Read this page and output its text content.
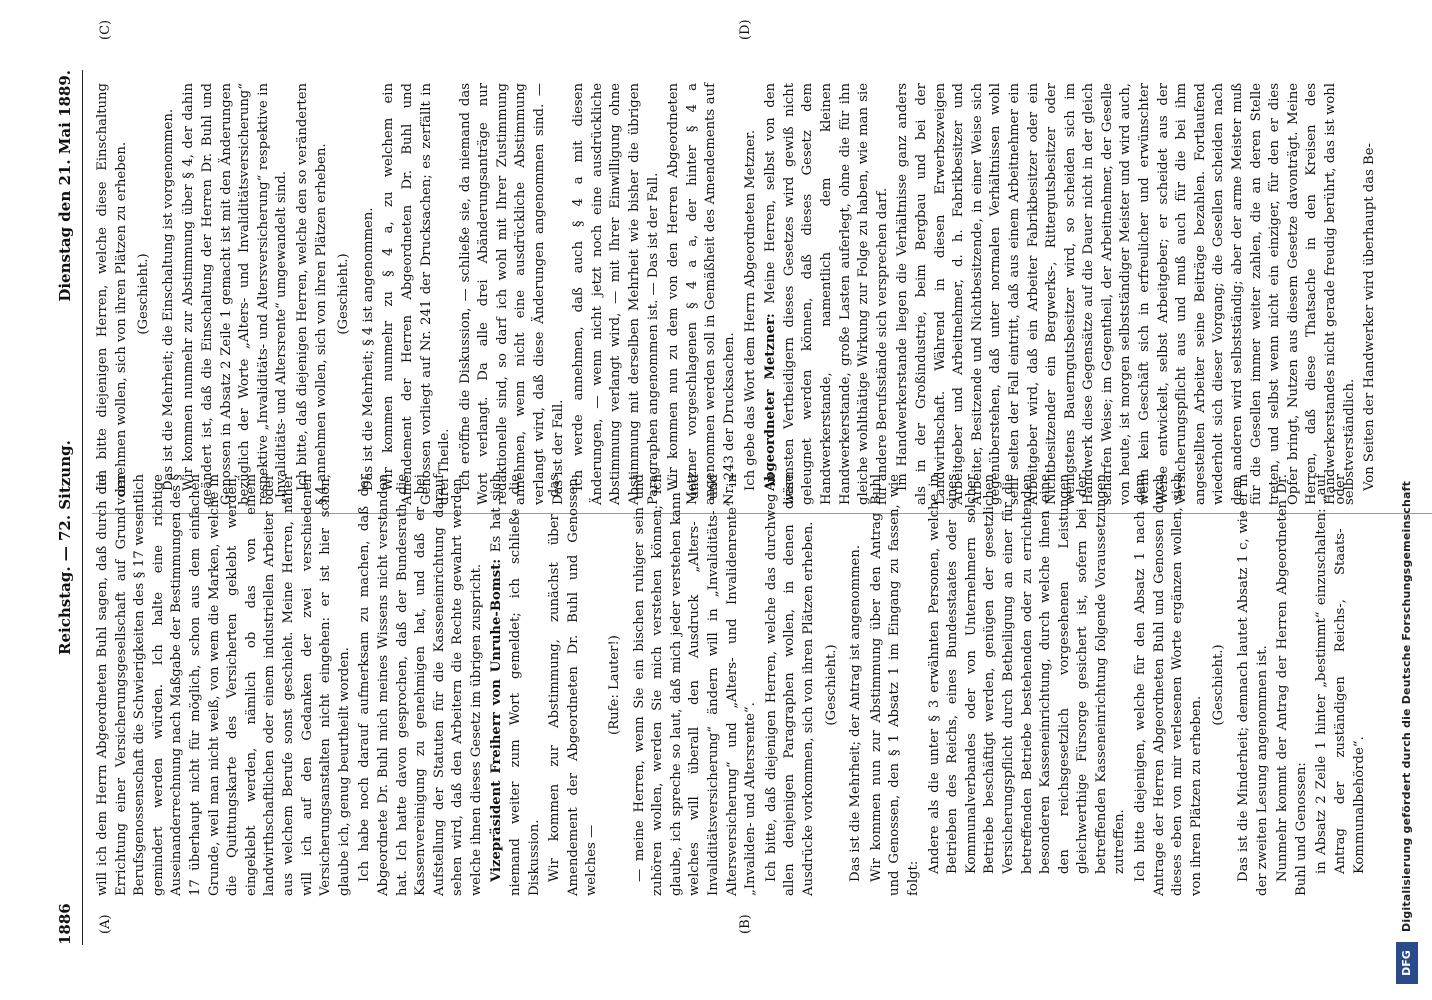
1886
Reichstag. — 72. Sitzung.
Dienstag den 21. Mai 1889.
(A)	(B)
(C)	(D)

will ich dem Herrn Abgeordneten Buhl sagen, daß durch die Errichtung einer Versicherungsgesellschaft auf Grund der Berufsgenossenschaft die Schwierigkeiten des § 17 wesentlich gemindert werden würden. Ich halte eine richtige Auseinanderrechnung nach Maßgabe der Bestimmungen des § 17 überhaupt nicht für möglich, schon aus dem einfachen Grunde, weil man nicht weiß, von wem die Marken, welche in die Quittungskarte des Versicherten geklebt werden, eingeklebt werden, nämlich ob das von einem landwirthschaftlichen oder einem industriellen Arbeiter oder aus welchem Berufe sonst geschieht. Meine Herren, näher will ich auf den Gedanken der zwei verschiedenen Versicherungsanstalten nicht eingehen: er ist hier schon, glaube ich, genug beurtheilt worden. Ich habe noch darauf aufmerksam zu machen, daß der Abgeordnete Dr. Buhl mich meines Wissens nicht verstanden hat. Ich hatte davon gesprochen, daß der Bundesrath die Kassenvereinigung zu genehmigen hat, und daß er bei Aufstellung der Statuten für die Kasseneinrichtung darauf sehen wird, daß den Arbeitern die Rechte gewahrt werden, welche ihnen dieses Gesetz im übrigen zuspricht. Vizepräsident Freiherr von Unruhe-Bomst: Es hat sich niemand weiter zum Wort gemeldet; ich schließe die Diskussion. Wir kommen zur Abstimmung, zunächst über das Amendement der Abgeordneten Dr. Buhl und Genossen, welches —

(Rufe: Lauter!) — meine Herren, wenn Sie ein bischen ruhiger sein und zuhören wollen, werden Sie mich verstehen können; ich glaube, ich spreche so laut, daß mich jeder verstehen kann — welches will überall den Ausdruck „Alters- und Invaliditätsversicherung“ ändern will in „Invaliditäts- und Altersversicherung“ und „Alters- und Invalidenrente“ in „Invaliden- und Altersrente“. Ich bitte, daß diejenigen Herren, welche das durchweg in allen denjenigen Paragraphen wollen, in denen diese Ausdrücke vorkommen, sich von ihren Plätzen erheben. (Geschieht.) Das ist die Mehrheit; der Antrag ist angenommen. Wir kommen nun zur Abstimmung über den Antrag Buhl und Genossen, den § 1 Absatz 1 im Eingang zu fassen, wie folgt:

Andere als die unter § 3 erwähnten Personen, welche in Betrieben des Reichs, eines Bundesstaates oder eines Kommunalverbandes oder von Unternehmern solcher Betriebe beschäftigt werden, genügen der gesetzlichen Versicherungspflicht durch Betheiligung an einer für die betreffenden Betriebe bestehenden oder zu errichtenden besonderen Kasseneinrichtung, durch welche ihnen eine den reichsgesetzlich vorgesehenen Leistungen gleichwerthige Fürsorge gesichert ist, sofern bei der betreffenden Kasseneinrichtung folgende Voraussetzungen zutreffen. Ich bitte diejenigen, welche für den Absatz 1 nach dem Antrage der Herren Abgeordneten Buhl und Genossen durch dieses eben von mir verlesenen Worte ergänzen wollen, sich von ihren Plätzen zu erheben.

(Geschieht.) Das ist die Minderheit; demnach lautet Absatz 1 c, wie er in der zweiten Lesung angenommen ist. Nunmehr kommt der Antrag der Herren Abgeordneten Dr. Buhl und Genossen: in Absatz 2 Zeile 1 hinter „bestimmt“ einzuschalten: „auf Antrag der zuständigen Reichs-, Staats- oder Kommunalbehörde“.

Ich bitte diejenigen Herren, welche diese Einschaltung vornehmen wollen, sich von ihren Plätzen zu erheben. (Geschieht.) Das ist die Mehrheit; die Einschaltung ist vorgenommen. Wir kommen nunmehr zur Abstimmung über § 4, der dahin geändert ist, daß die Einschaltung der Herren Dr. Buhl und Genossen in Absatz 2 Zeile 1 gemacht ist mit den Änderungen bezüglich der Worte „Alters- und Invaliditätsversicherung“ respektive „Invaliditäts- und Altersversicherung“ respektive in „Invaliditäts- und Altersrente“ umgewandelt sind. Ich bitte, daß diejenigen Herren, welche den so veränderten § 4 annehmen wollen, sich von ihren Plätzen erheben. (Geschieht.) Das ist die Mehrheit; § 4 ist angenommen. Wir kommen nunmehr zu § 4 a, zu welchem ein Amendement der Herren Abgeordneten Dr. Buhl und Genossen vorliegt auf Nr. 241 der Drucksachen; es zerfällt in drei Theile. Ich eröffne die Diskussion, — schließe sie, da niemand das Wort verlangt. Da alle drei Abänderungsanträge nur redaktionelle sind, so darf ich wohl mit Ihrer Zustimmung annehmen, wenn nicht eine ausdrückliche Abstimmung verlangt wird, daß diese Änderungen angenommen sind. — Das ist der Fall. Ich werde annehmen, daß auch § 4 a mit diesen Änderungen, — wenn nicht jetzt noch eine ausdrückliche Abstimmung verlangt wird, — mit Ihrer Einwilligung ohne Abstimmung mit derselben Mehrheit wie bisher die übrigen Paragraphen angenommen ist. — Das ist der Fall. Wir kommen nun zu dem von den Herren Abgeordneten Metzner vorgeschlagenen § 4 a a, der hinter § 4 a angenommen werden soll in Gemäßheit des Amendements auf Nr. 243 der Drucksachen. Ich gebe das Wort dem Herrn Abgeordneten Metzner. Abgeordneter Metzner: Meine Herren, selbst von den wärmsten Vertheidigern dieses Gesetzes wird gewiß nicht geleugnet werden können, daß dieses Gesetz dem Handwerkerstande, namentlich dem kleinen Handwerkerstande, große Lasten auferlegt, ohne die für ihn gleiche wohlthätige Wirkung zur Folge zu haben, wie man sie für andere Berufsstände sich versprechen darf. Im Handwerkerstande liegen die Verhältnisse ganz anders als in der Großindustrie, beim Bergbau und bei der Landwirthschaft. Während in diesen Erwerbszweigen Arbeitgeber und Arbeitnehmer, d. h. Fabrikbesitzer und Arbeiter, Besitzende und Nichtbesitzende, in einer Weise sich gegenüberstehen, daß unter normalen Verhältnissen wohl sehr selten der Fall eintritt, daß aus einem Arbeitnehmer ein Arbeitgeber wird, daß ein Arbeiter Fabrikbesitzer oder ein Nichtbesitzender ein Bergwerks-, Rittergutsbesitzer oder wenigstens Bauerngutsbesitzer wird, so scheiden sich im Handwerk diese Gegensätze auf die Dauer nicht in der gleich scharfen Weise; im Gegentheil, der Arbeitnehmer, der Geselle von heute, ist morgen selbstständiger Meister und wird auch, wenn kein Geschäft sich in erfreulicher und erwünschter Weise entwickelt, selbst Arbeitgeber; er scheidet aus der Versicherungspflicht aus und muß auch für die bei ihm angestellten Arbeiter seine Beiträge bezahlen. Fortlaufend wiederholt sich dieser Vorgang; die Gesellen scheiden nach dem anderen wird selbstständig; aber der arme Meister muß für die Gesellen immer weiter zahlen, die an deren Stelle treten, und selbst wenn nicht ein einziger, für den er dies Opfer bringt, Nutzen aus diesem Gesetze davonträgt. Meine Herren, daß diese Thatsache in den Kreisen des Handwerkerstandes nicht gerade freudig berührt, das ist wohl selbstverständlich. Von Seiten der Handwerker wird überhaupt das Be-

DFG
Digitalisierung gefördert durch die Deutsche Forschungsgemeinschaft
